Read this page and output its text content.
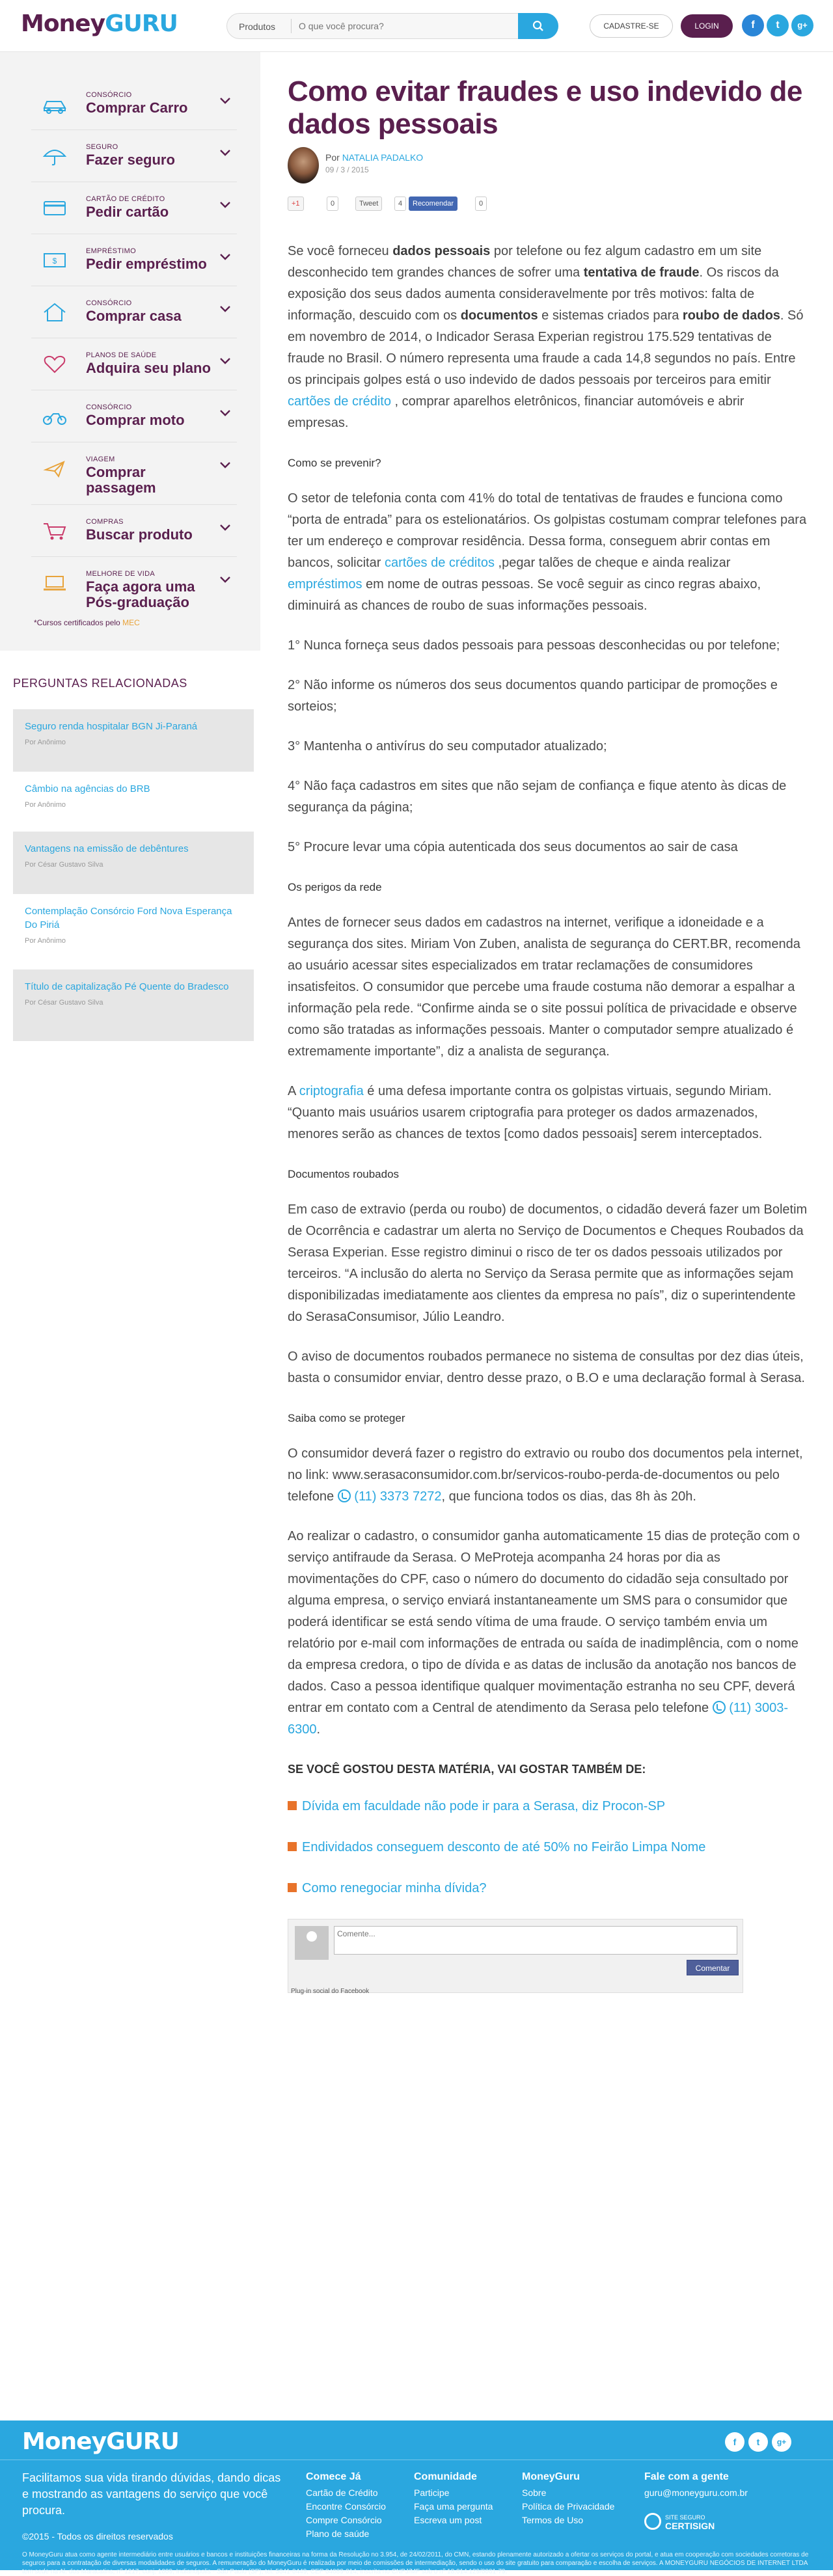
MoneyGURU	Produtos
O que você procura?	CADASTRE-SE	LOGIN	f	t	g+
CONSÓRCIO
Comprar Carro
SEGURO
Fazer seguro
CARTÃO DE CRÉDITO
Pedir cartão
$
EMPRÉSTIMO
Pedir empréstimo
CONSÓRCIO
Comprar casa
PLANOS DE SAÚDE
Adquira seu plano
CONSÓRCIO
Comprar moto
VIAGEM
Comprar passagem
COMPRAS
Buscar produto
MELHORE DE VIDA
Faça agora uma Pós-graduação
*Cursos certificados pelo MEC
PERGUNTAS RELACIONADAS
Seguro renda hospitalar BGN Ji-Paraná
Por Anônimo
Câmbio na agências do BRB
Por Anônimo
Vantagens na emissão de debêntures
Por César Gustavo Silva
Contemplação Consórcio Ford Nova Esperança Do Piriá
Por Anônimo
Título de capitalização Pé Quente do Bradesco
Por César Gustavo Silva
Como evitar fraudes e uso indevido de dados pessoais
Por NATALIA PADALKO
09 / 3 / 2015
+1	0	Tweet	4	Recomendar	0

Se você forneceu dados pessoais por telefone ou fez algum cadastro em um site desconhecido tem grandes chances de sofrer uma tentativa de fraude. Os riscos da exposição dos seus dados aumenta consideravelmente por três motivos: falta de informação, descuido com os documentos e sistemas criados para roubo de dados. Só em novembro de 2014, o Indicador Serasa Experian registrou 175.529 tentativas de fraude no Brasil. O número representa uma fraude a cada 14,8 segundos no país. Entre os principais golpes está o uso indevido de dados pessoais por terceiros para emitir cartões de crédito , comprar aparelhos eletrônicos, financiar automóveis e abrir empresas.

Como se prevenir?

O setor de telefonia conta com 41% do total de tentativas de fraudes e funciona como “porta de entrada” para os estelionatários. Os golpistas costumam comprar telefones para ter um endereço e comprovar residência. Dessa forma, conseguem abrir contas em bancos, solicitar cartões de créditos ,pegar talões de cheque e ainda realizar empréstimos em nome de outras pessoas. Se você seguir as cinco regras abaixo, diminuirá as chances de roubo de suas informações pessoais.

1° Nunca forneça seus dados pessoais para pessoas desconhecidas ou por telefone;

2° Não informe os números dos seus documentos quando participar de promoções e sorteios;

3° Mantenha o antivírus do seu computador atualizado;

4° Não faça cadastros em sites que não sejam de confiança e fique atento às dicas de segurança da página;

5° Procure levar uma cópia autenticada dos seus documentos ao sair de casa

Os perigos da rede

Antes de fornecer seus dados em cadastros na internet, verifique a idoneidade e a segurança dos sites. Miriam Von Zuben, analista de segurança do CERT.BR, recomenda ao usuário acessar sites especializados em tratar reclamações de consumidores insatisfeitos. O consumidor que percebe uma fraude costuma não demorar a espalhar a informação pela rede. “Confirme ainda se o site possui política de privacidade e observe como são tratadas as informações pessoais. Manter o computador sempre atualizado é extremamente importante”, diz a analista de segurança.

A criptografia é uma defesa importante contra os golpistas virtuais, segundo Miriam. “Quanto mais usuários usarem criptografia para proteger os dados armazenados, menores serão as chances de textos [como dados pessoais] serem interceptados.

Documentos roubados

Em caso de extravio (perda ou roubo) de documentos, o cidadão deverá fazer um Boletim de Ocorrência e cadastrar um alerta no Serviço de Documentos e Cheques Roubados da Serasa Experian. Esse registro diminui o risco de ter os dados pessoais utilizados por terceiros. “A inclusão do alerta no Serviço da Serasa permite que as informações sejam disponibilizadas imediatamente aos clientes da empresa no país”, diz o superintendente do SerasaConsumisor, Júlio Leandro.

O aviso de documentos roubados permanece no sistema de consultas por dez dias úteis, basta o consumidor enviar, dentro desse prazo, o B.O e uma declaração formal à Serasa.

Saiba como se proteger

O consumidor deverá fazer o registro do extravio ou roubo dos documentos pela internet, no link: www.serasaconsumidor.com.br/servicos-roubo-perda-de-documentos ou pelo telefone  (11) 3373 7272, que funciona todos os dias, das 8h às 20h.

Ao realizar o cadastro, o consumidor ganha automaticamente 15 dias de proteção com o serviço antifraude da Serasa. O MeProteja acompanha 24 horas por dia as movimentações do CPF, caso o número do documento do cidadão seja consultado por alguma empresa, o serviço enviará instantaneamente um SMS para o consumidor que poderá identificar se está sendo vítima de uma fraude. O serviço também envia um relatório por e-mail com informações de entrada ou saída de inadimplência, com o nome da empresa credora, o tipo de dívida e as datas de inclusão da anotação nos bancos de dados. Caso a pessoa identifique qualquer movimentação estranha no seu CPF, deverá entrar em contato com a Central de atendimento da Serasa pelo telefone  (11) 3003-6300.

SE VOCÊ GOSTOU DESTA MATÉRIA, VAI GOSTAR TAMBÉM DE:
Dívida em faculdade não pode ir para a Serasa, diz Procon-SP
Endividados conseguem desconto de até 50% no Feirão Limpa Nome
Como renegociar minha dívida?
Comente...
Comentar
Plug-in social do Facebook
MoneyGURU	f	t	g+
Facilitamos sua vida tirando dúvidas, dando dicas e mostrando as vantagens do serviço que você procura.
Comece Já
Cartão de Crédito
Encontre Consórcio
Compre Consórcio
Plano de saúde
Comunidade
Participe
Faça uma pergunta
Escreva um post
MoneyGuru
Sobre
Política de Privacidade
Termos de Uso
Fale com a gente
guru@moneyguru.com.br
SITE SEGURO
CERTISIGN
©2015 - Todos os direitos reservados
O MoneyGuru atua como agente intermediário entre usuários e bancos e instituições financeiras na forma da Resolução no 3.954, de 24/02/2011, do CMN, estando plenamente autorizado a ofertar os serviços do portal, e atua em cooperação com sociedades corretoras de seguros para a contratação de diversas modalidades de seguros. A remuneração do MoneyGuru é realizada por meio de comissões de intermediação, sendo o uso do site gratuito para comparação e escolha de serviços. A MONEYGURU NEGÓCIOS DE INTERNET LTDA tem sede na Al. dos Maracatins, nº 1217, conj. 1009, Indianópolis - São Paulo (SP), tel. 5041-0449, CEP 04089-014, inscrita no CNPJ/MF sob o nº 18.014.129/0001-79.
